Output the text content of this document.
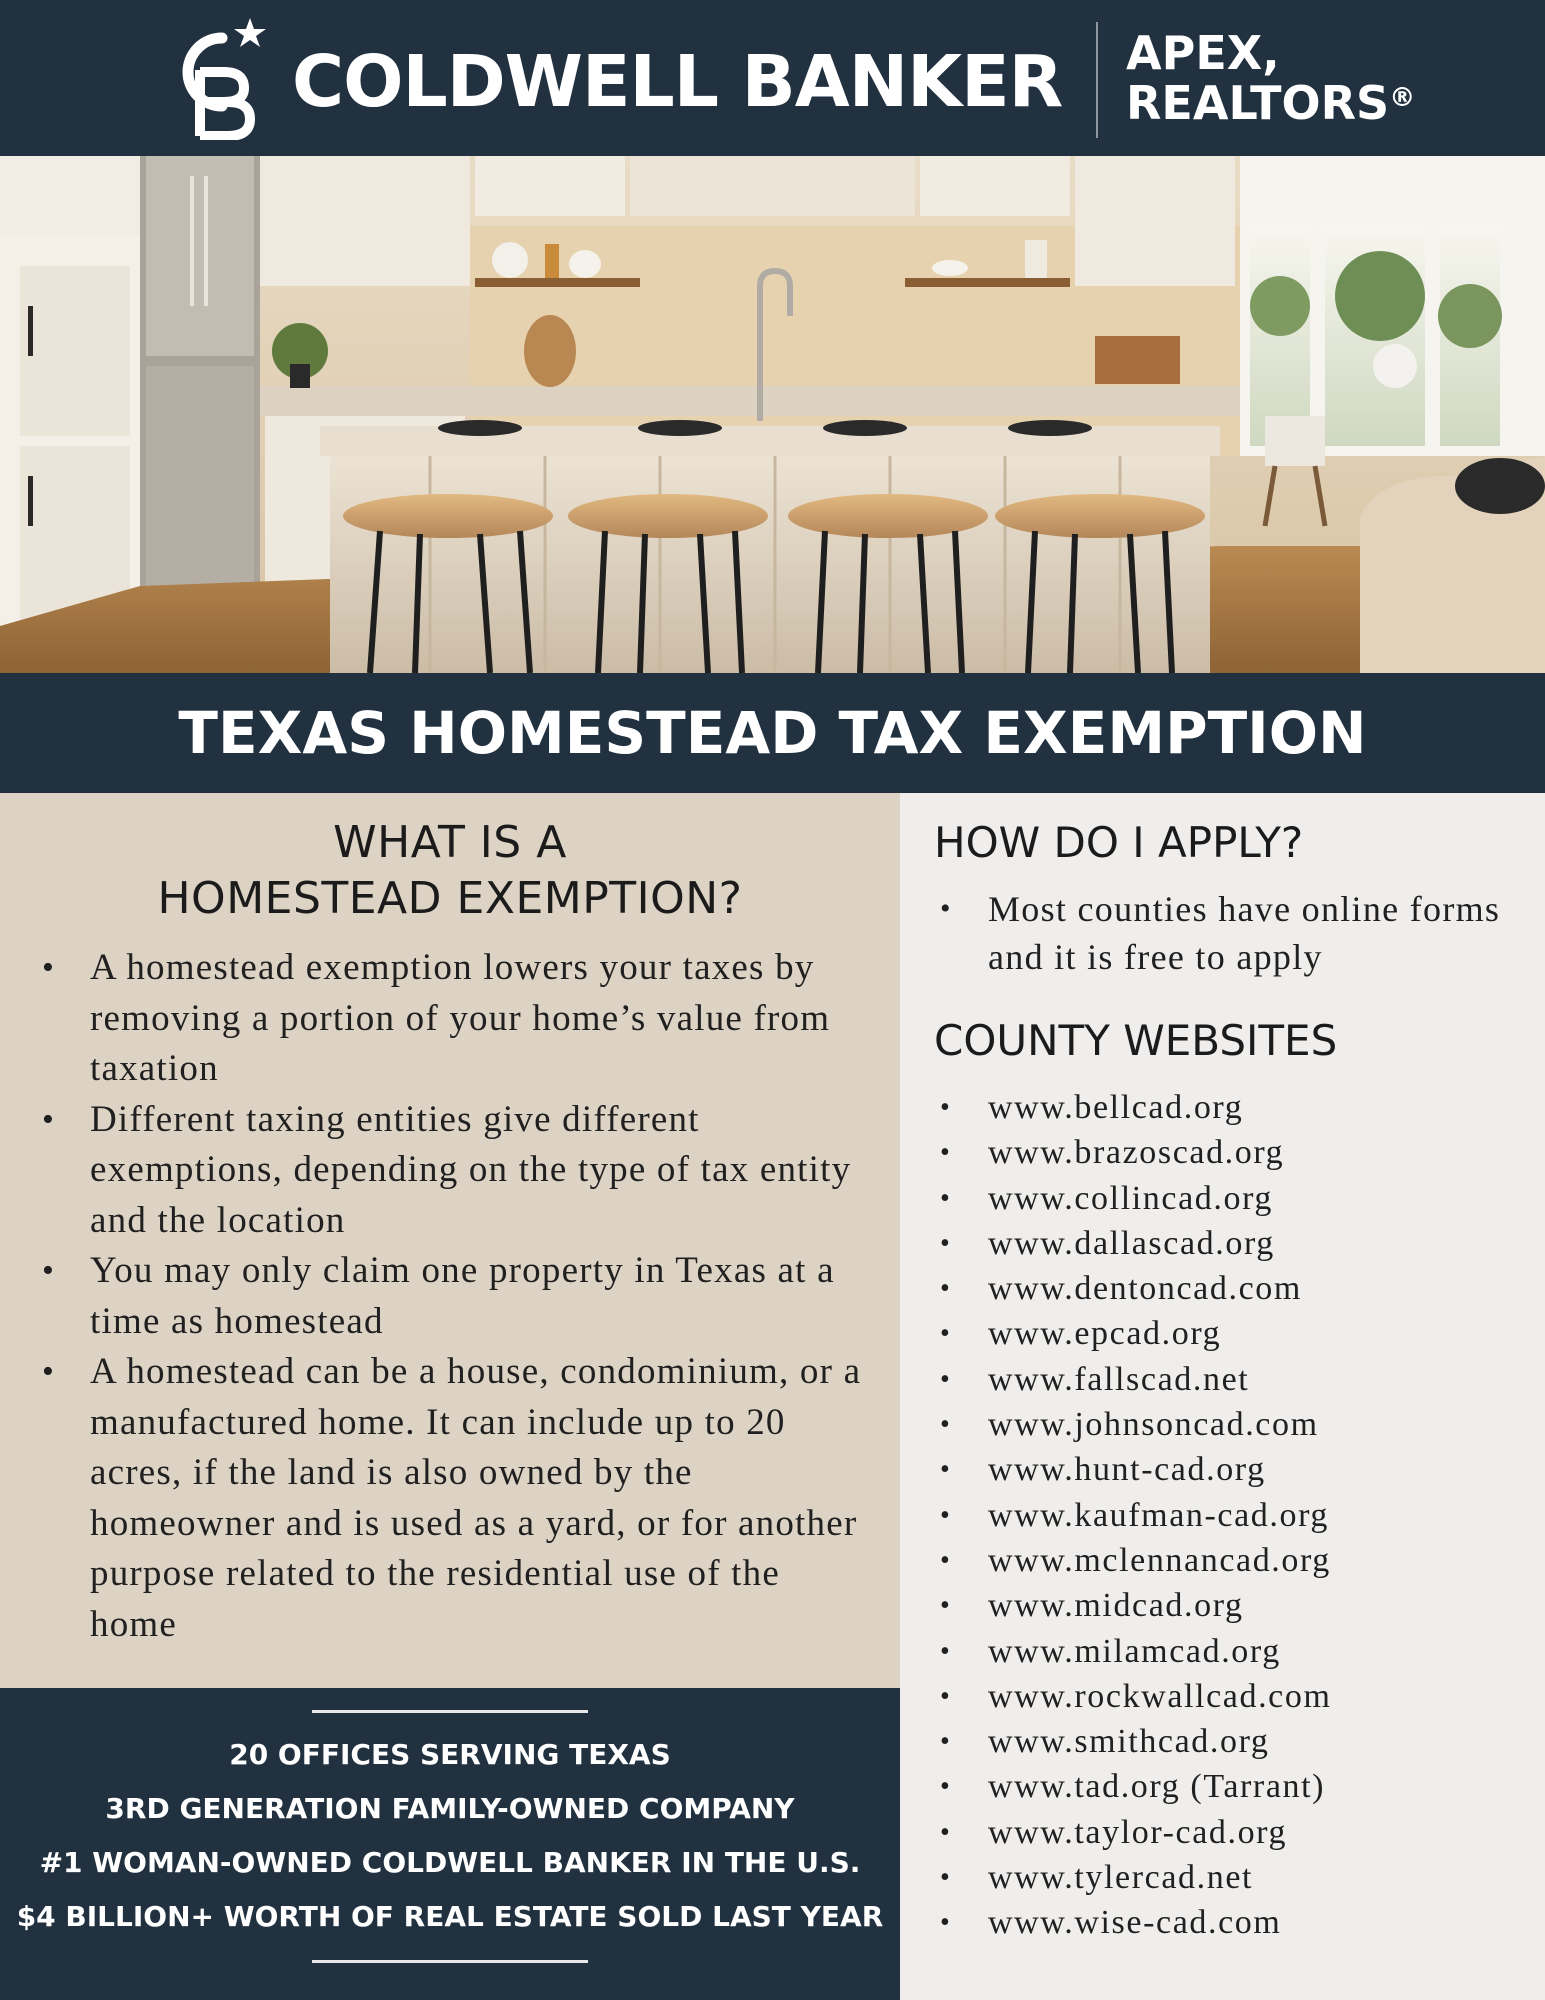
COLDWELL BANKER	APEX,
REALTORS®
TEXAS HOMESTEAD TAX EXEMPTION
WHAT IS A
HOMESTEAD EXEMPTION?
• A homestead exemption lowers your taxes by removing a portion of your home’s value from taxation
• Different taxing entities give different exemptions, depending on the type of tax entity and the location
• You may only claim one property in Texas at a time as homestead
• A homestead can be a house, condominium, or a manufactured home. It can include up to 20 acres, if the land is also owned by the homeowner and is used as a yard, or for another purpose related to the residential use of the home
20 OFFICES SERVING TEXAS
3RD GENERATION FAMILY-OWNED COMPANY
#1 WOMAN-OWNED COLDWELL BANKER IN THE U.S.
$4 BILLION+ WORTH OF REAL ESTATE SOLD LAST YEAR
HOW DO I APPLY?
• Most counties have online forms and it is free to apply
COUNTY WEBSITES
• www.bellcad.org
• www.brazoscad.org
• www.collincad.org
• www.dallascad.org
• www.dentoncad.com
• www.epcad.org
• www.fallscad.net
• www.johnsoncad.com
• www.hunt-cad.org
• www.kaufman-cad.org
• www.mclennancad.org
• www.midcad.org
• www.milamcad.org
• www.rockwallcad.com
• www.smithcad.org
• www.tad.org (Tarrant)
• www.taylor-cad.org
• www.tylercad.net
• www.wise-cad.com
